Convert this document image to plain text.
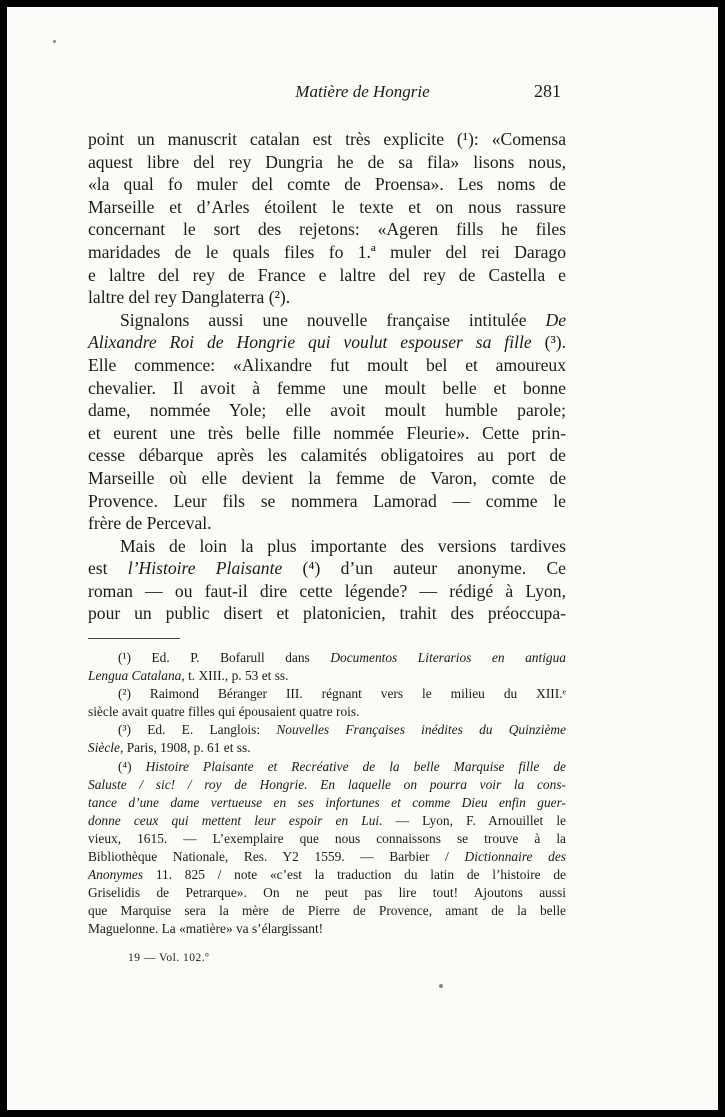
Matière de Hongrie	281

point un manuscrit catalan est très explicite (¹): «Comensa
aquest libre del rey Dungria he de sa fila» lisons nous,
«la qual fo muler del comte de Proensa». Les noms de
Marseille et d’Arles étoilent le texte et on nous rassure
concernant le sort des rejetons: «Ageren fills he files
maridades de le quals files fo 1.ª muler del rei Darago
e laltre del rey de France e laltre del rey de Castella e
laltre del rey Danglaterra (²).

Signalons aussi une nouvelle française intitulée De
Alixandre Roi de Hongrie qui voulut espouser sa fille (³).
Elle commence: «Alixandre fut moult bel et amoureux
chevalier. Il avoit à femme une moult belle et bonne
dame, nommée Yole; elle avoit moult humble parole;
et eurent une très belle fille nommée Fleurie». Cette prin-
cesse débarque après les calamités obligatoires au port de
Marseille où elle devient la femme de Varon, comte de
Provence. Leur fils se nommera Lamorad — comme le
frère de Perceval.

Mais de loin la plus importante des versions tardives
est l’Histoire Plaisante (⁴) d’un auteur anonyme. Ce
roman — ou faut-il dire cette légende? — rédigé à Lyon,
pour un public disert et platonicien, trahit des préoccupa-

(¹) Ed. P. Bofarull dans Documentos Literarios en antigua
Lengua Catalana, t. XIII., p. 53 et ss.
(²) Raimond Béranger III. régnant vers le milieu du XIII.ᵉ
siècle avait quatre filles qui épousaient quatre rois.
(³) Ed. E. Langlois: Nouvelles Françaises inédites du Quinzième
Siècle, Paris, 1908, p. 61 et ss.
(⁴) Histoire Plaisante et Recréative de la belle Marquise fille de
Saluste / sic! / roy de Hongrie. En laquelle on pourra voir la cons-
tance d’une dame vertueuse en ses infortunes et comme Dieu enfin guer-
donne ceux qui mettent leur espoir en Lui. — Lyon, F. Arnouillet le
vieux, 1615. — L’exemplaire que nous connaissons se trouve à la
Bibliothèque Nationale, Res. Y2 1559. — Barbier / Dictionnaire des
Anonymes 11. 825 / note «c’est la traduction du latin de l’histoire de
Griselidis de Petrarque». On ne peut pas lire tout! Ajoutons aussi
que Marquise sera la mère de Pierre de Provence, amant de la belle
Maguelonne. La «matière» va s’élargissant!
19 — Vol. 102.º
